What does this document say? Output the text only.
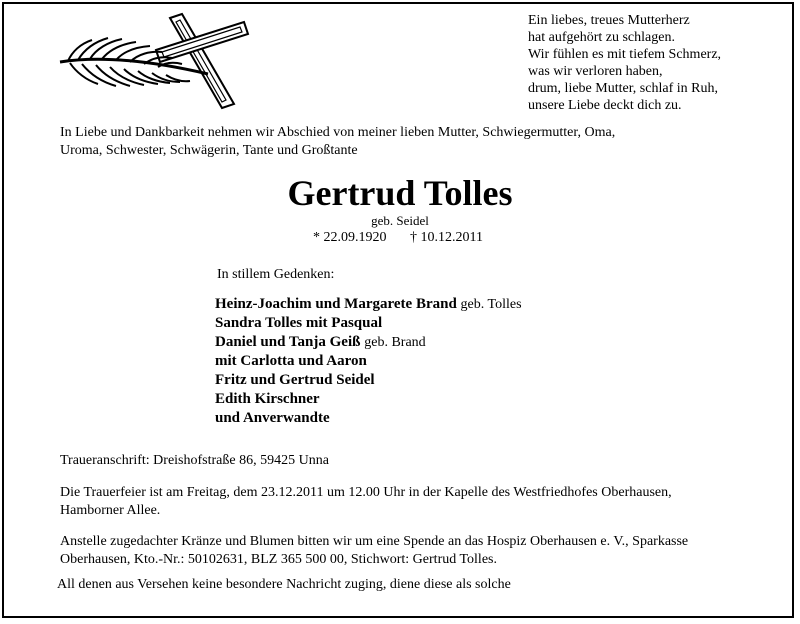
Ein liebes, treues Mutterherz
hat aufgehört zu schlagen.
Wir fühlen es mit tiefem Schmerz,
was wir verloren haben,
drum, liebe Mutter, schlaf in Ruh,
unsere Liebe deckt dich zu.
In Liebe und Dankbarkeit nehmen wir Abschied von meiner lieben Mutter, Schwiegermutter, Oma,
Uroma, Schwester, Schwägerin, Tante und Großtante
Gertrud Tolles
geb. Seidel
* 22.09.1920 † 10.12.2011
In stillem Gedenken:
Heinz-Joachim und Margarete Brand geb. Tolles
Sandra Tolles mit Pasqual
Daniel und Tanja Geiß geb. Brand
mit Carlotta und Aaron
Fritz und Gertrud Seidel
Edith Kirschner
und Anverwandte
Traueranschrift: Dreishofstraße 86, 59425 Unna
Die Trauerfeier ist am Freitag, dem 23.12.2011 um 12.00 Uhr in der Kapelle des Westfriedhofes Oberhausen,
Hamborner Allee.
Anstelle zugedachter Kränze und Blumen bitten wir um eine Spende an das Hospiz Oberhausen e. V., Sparkasse
Oberhausen, Kto.-Nr.: 50102631, BLZ 365 500 00, Stichwort: Gertrud Tolles.
All denen aus Versehen keine besondere Nachricht zuging, diene diese als solche
